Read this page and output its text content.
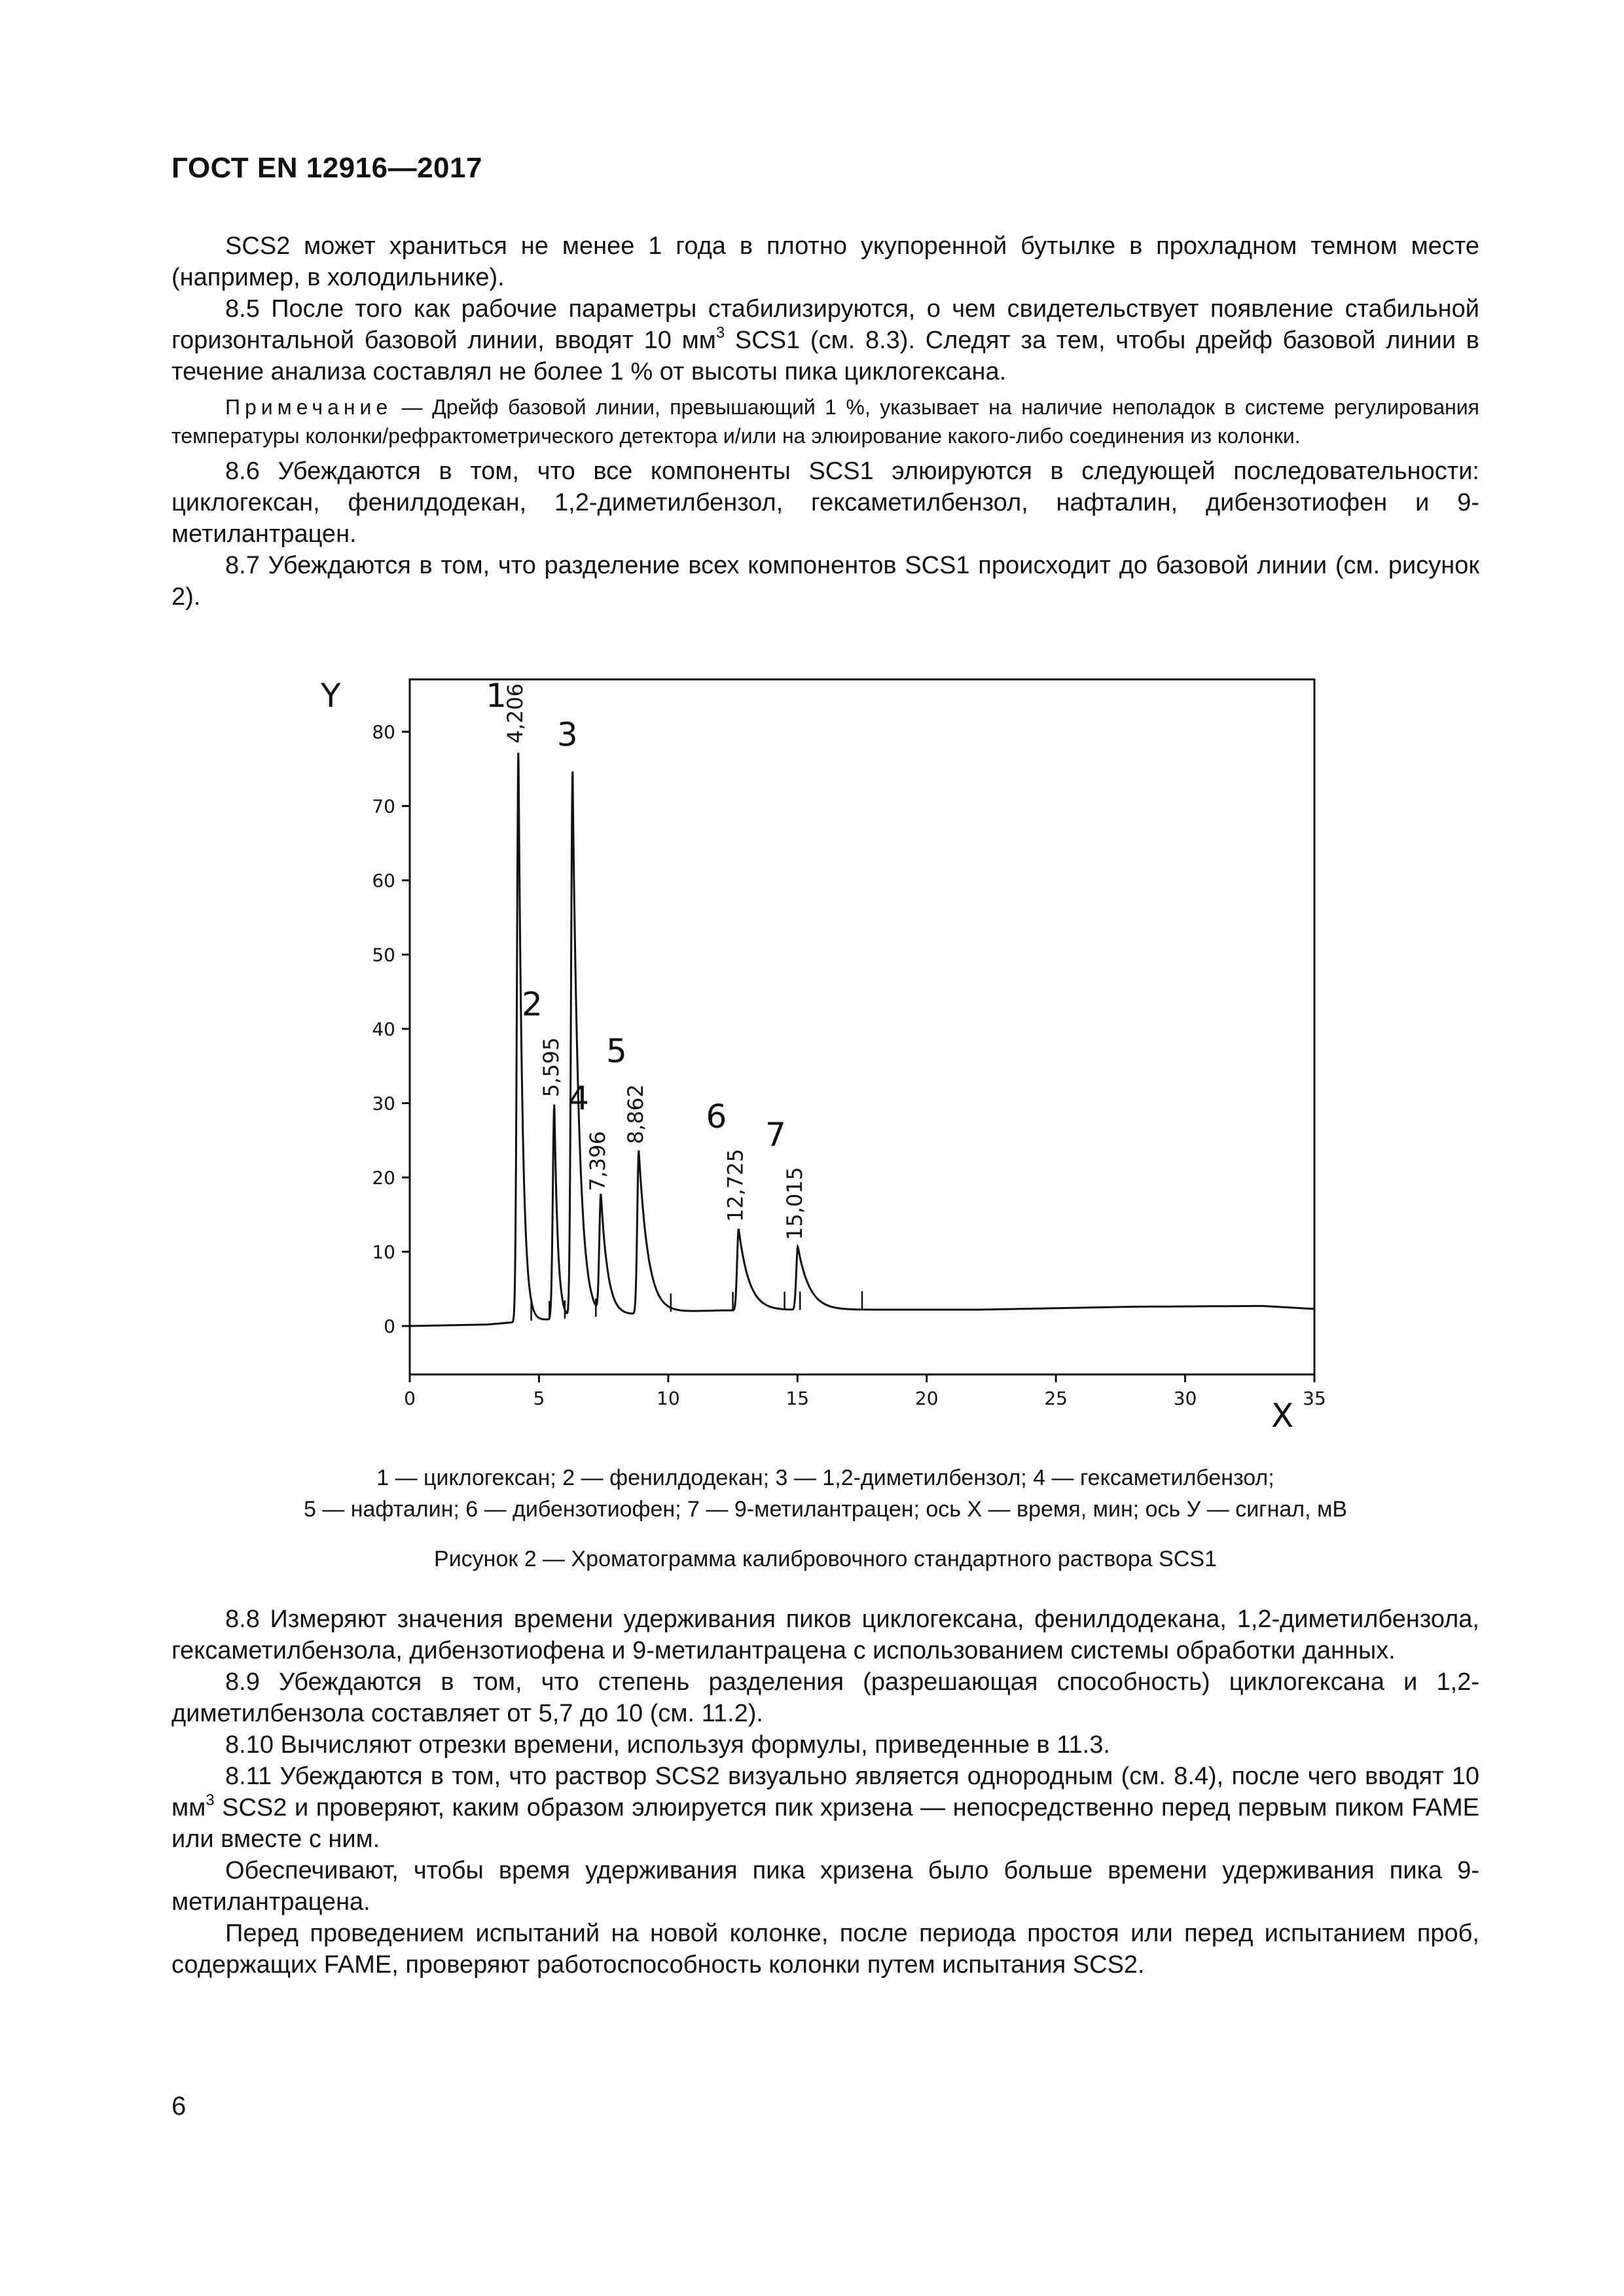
ГОСТ EN 12916—2017

SCS2 может храниться не менее 1 года в плотно укупоренной бутылке в прохладном темном месте (например, в холодильнике).

8.5 После того как рабочие параметры стабилизируются, о чем свидетельствует появление стабильной горизонтальной базовой линии, вводят 10 $мм^3$ SCS1 (см. 8.3). Следят за тем, чтобы дрейф базовой линии в течение анализа составлял не более 1 % от высоты пика циклогексана.

Примечание — Дрейф базовой линии, превышающий 1 %, указывает на наличие неполадок в системе регулирования температуры колонки/рефрактометрического детектора и/или на элюирование какого-либо соединения из колонки.

8.6 Убеждаются в том, что все компоненты SCS1 элюируются в следующей последовательности: циклогексан, фенилдодекан, 1,2-диметилбензол, гексаметилбензол, нафталин, дибензотиофен и 9-метилантрацен.

8.7 Убеждаются в том, что разделение всех компонентов SCS1 происходит до базовой линии (см. рисунок 2).

0
10
20
30
40
50
60
70
80
0	5	10	15	20	25	30	35
Y
X
4,206
1
5,595
2
3
7,396
4 8,862
5
12,725
6
15,015
7
1 — циклогексан; 2 — фенилдодекан; 3 — 1,2-диметилбензол; 4 — гексаметилбензол;
5 — нафталин; 6 — дибензотиофен; 7 — 9-метилантрацен; ось X — время, мин; ось У — сигнал, мВ
Рисунок 2 — Хроматограмма калибровочного стандартного раствора SCS1

8.8 Измеряют значения времени удерживания пиков циклогексана, фенилдодекана, 1,2-диметилбензола, гексаметилбензола, дибензотиофена и 9-метилантрацена с использованием системы обработки данных.

8.9 Убеждаются в том, что степень разделения (разрешающая способность) циклогексана и 1,2-диметилбензола составляет от 5,7 до 10 (см. 11.2).

8.10 Вычисляют отрезки времени, используя формулы, приведенные в 11.3.

8.11 Убеждаются в том, что раствор SCS2 визуально является однородным (см. 8.4), после чего вводят 10 $мм^3$ SCS2 и проверяют, каким образом элюируется пик хризена — непосредственно перед первым пиком FAME или вместе с ним.

Обеспечивают, чтобы время удерживания пика хризена было больше времени удерживания пика 9-метилантрацена.

Перед проведением испытаний на новой колонке, после периода простоя или перед испытанием проб, содержащих FAME, проверяют работоспособность колонки путем испытания SCS2.

6
